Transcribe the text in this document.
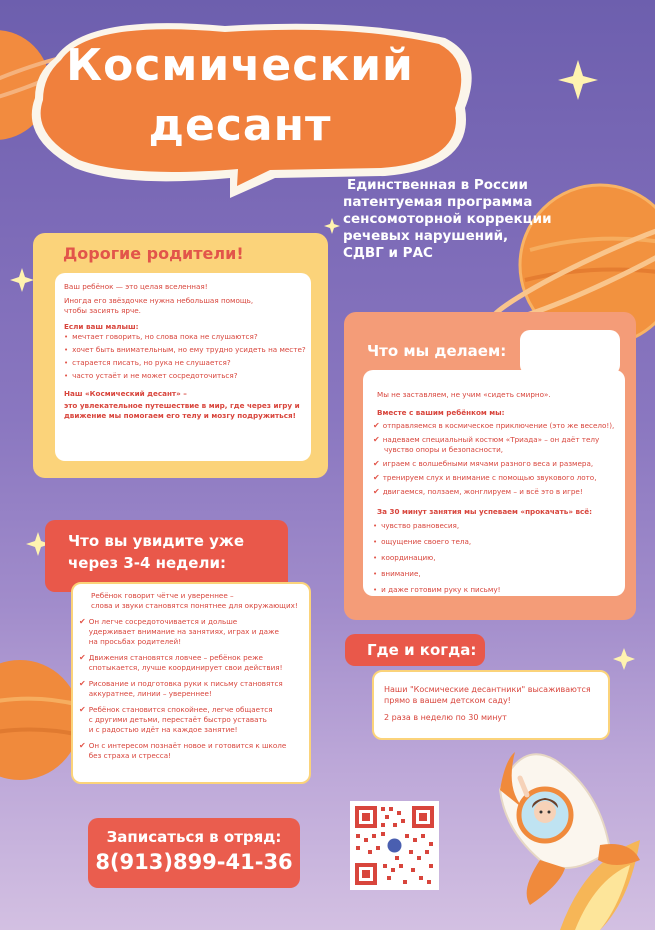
Космический
десант
Единственная в России
патентуемая программа
сенсомоторной коррекции
речевых нарушений,
СДВГ и РАС
Дорогие родители!
Ваш ребёнок — это целая вселенная!
Иногда его звёздочке нужна небольшая помощь,
чтобы засиять ярче.
Если ваш малыш:
• мечтает говорить, но слова пока не слушаются?
• хочет быть внимательным, но ему трудно усидеть на месте?
• старается писать, но рука не слушается?
• часто устаёт и не может сосредоточиться?
Наш «Космический десант» –
это увлекательное путешествие в мир, где через игру и
движение мы помогаем его телу и мозгу подружиться!
Что мы делаем:
Мы не заставляем, не учим «сидеть смирно».
Вместе с вашим ребёнком мы:
✔ отправляемся в космическое приключение (это же весело!),
✔ надеваем специальный костюм «Триада» – он даёт телу
чувство опоры и безопасности,
✔ играем с волшебными мячами разного веса и размера,
✔ тренируем слух и внимание с помощью звукового лото,
✔ двигаемся, ползаем, жонглируем – и всё это в игре!
За 30 минут занятия мы успеваем «прокачать» всё:
• чувство равновесия,
• ощущение своего тела,
• координацию,
• внимание,
• и даже готовим руку к письму!
Что вы увидите уже
через 3-4 недели:
Ребёнок говорит чётче и увереннее –
слова и звуки становятся понятнее для окружающих!
✔ Он легче сосредоточивается и дольше
удерживает внимание на занятиях, играх и даже
на просьбах родителей!
✔ Движения становятся ловчее – ребёнок реже
спотыкается, лучше координирует свои действия!
✔ Рисование и подготовка руки к письму становятся
аккуратнее, линии – увереннее!
✔ Ребёнок становится спокойнее, легче общается
с другими детьми, перестаёт быстро уставать
и с радостью идёт на каждое занятие!
✔ Он с интересом познаёт новое и готовится к школе
без страха и стресса!
Где и когда:
Наши "Космические десантники" высаживаются
прямо в вашем детском саду!
2 раза в неделю по 30 минут
Записаться в отряд:
8(913)899-41-36
